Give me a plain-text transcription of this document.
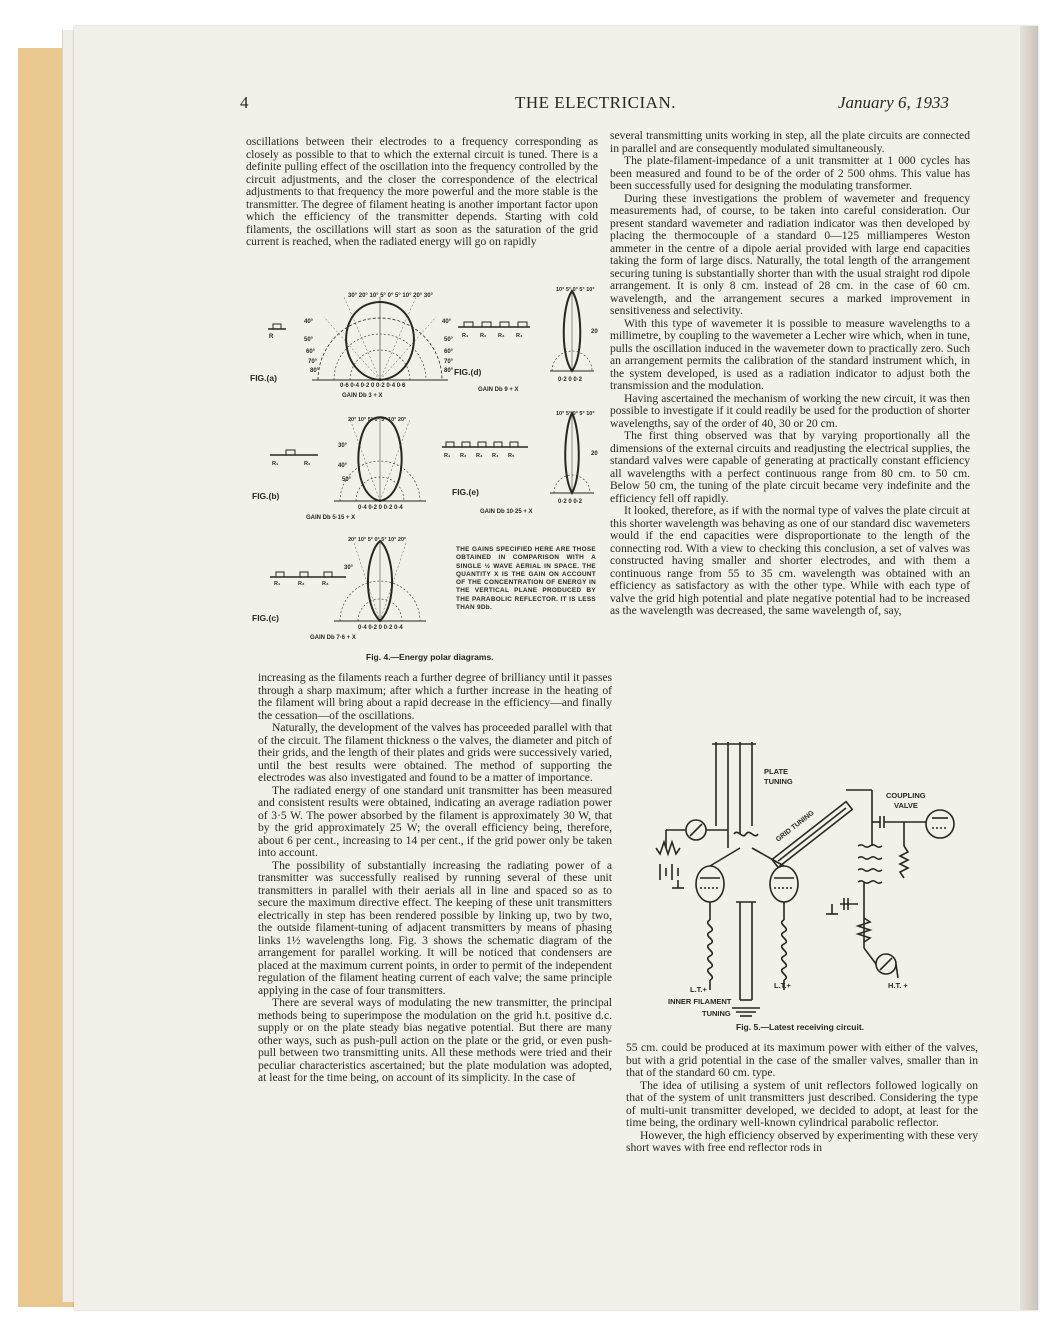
4	THE ELECTRICIAN.	January 6, 1933

oscillations between their electrodes to a frequency corresponding as closely as possible to that to which the external circuit is tuned. There is a definite pulling effect of the oscillation into the frequency controlled by the circuit adjustments, and the closer the correspondence of the electrical adjustments to that frequency the more powerful and the more stable is the transmitter. The degree of filament heating is another important factor upon which the efficiency of the transmitter depends. Starting with cold filaments, the oscillations will start as soon as the saturation of the grid current is reached, when the radiated energy will go on rapidly

30° 20° 10° 5° 0° 5° 10° 20° 30°
R
FIG.(a)
0·6 0·4 0·2 0 0·2 0·4 0·6
GAIN Db 3 + X
40°
50°
60°
70°
80°
40°
50°
60°
70°
80°
10° 5° 0° 5° 10°
20
R₁ R₂ R₃ R₄
FIG.(d)
0·2 0 0·2
GAIN Db 9 + X
20° 10° 5° 0° 5° 10° 20°
30°
40°
50°
R₁	R₂
FIG.(b)
0·4 0·2 0 0·2 0·4
GAIN Db 5·15 + X
10° 5° 0° 5° 10°
20
R₁ R₂ R₃ R₄ R₅
FIG.(e)
0·2 0 0·2
GAIN Db 10·25 + X
20° 10° 5° 0° 5° 10° 20°
30°
R₁	R₂	R₃
FIG.(c)
0·4 0·2 0 0·2 0·4
GAIN Db 7·6 + X
THE GAINS SPECIFIED HERE ARE THOSE OBTAINED IN COMPARISON WITH A SINGLE ½ WAVE AERIAL IN SPACE. THE QUANTITY X IS THE GAIN ON ACCOUNT OF THE CONCENTRATION OF ENERGY IN THE VERTICAL PLANE PRODUCED BY THE PARABOLIC REFLECTOR. IT IS LESS THAN 9Db.
Fig. 4.—Energy polar diagrams.

increasing as the filaments reach a further degree of brilliancy until it passes through a sharp maximum; after which a further increase in the heating of the filament will bring about a rapid decrease in the efficiency—and finally the cessation—of the oscillations.

Naturally, the development of the valves has proceeded parallel with that of the circuit. The filament thickness o the valves, the diameter and pitch of their grids, and the length of their plates and grids were successively varied, until the best results were obtained. The method of supporting the electrodes was also investigated and found to be a matter of importance.

The radiated energy of one standard unit transmitter has been measured and consistent results were obtained, indicating an average radiation power of 3·5 W. The power absorbed by the filament is approximately 30 W, that by the grid approximately 25 W; the overall efficiency being, therefore, about 6 per cent., increasing to 14 per cent., if the grid power only be taken into account.

The possibility of substantially increasing the radiating power of a transmitter was successfully realised by running several of these unit transmitters in parallel with their aerials all in line and spaced so as to secure the maximum directive effect. The keeping of these unit transmitters electrically in step has been rendered possible by linking up, two by two, the outside filament-tuning of adjacent transmitters by means of phasing links 1½ wavelengths long. Fig. 3 shows the schematic diagram of the arrangement for parallel working. It will be noticed that condensers are placed at the maximum current points, in order to permit of the independent regulation of the filament heating current of each valve; the same principle applying in the case of four transmitters.

There are several ways of modulating the new transmitter, the principal methods being to superimpose the modulation on the grid h.t. positive d.c. supply or on the plate steady bias negative potential. But there are many other ways, such as push-pull action on the plate or the grid, or even push-pull between two transmitting units. All these methods were tried and their peculiar characteristics ascertained; but the plate modulation was adopted, at least for the time being, on account of its simplicity. In the case of

several transmitting units working in step, all the plate circuits are connected in parallel and are consequently modulated simultaneously.

The plate-filament-impedance of a unit transmitter at 1 000 cycles has been measured and found to be of the order of 2 500 ohms. This value has been successfully used for designing the modulating transformer.

During these investigations the problem of wavemeter and frequency measurements had, of course, to be taken into careful consideration. Our present standard wavemeter and radiation indicator was then developed by placing the thermocouple of a standard 0—125 milliamperes Weston ammeter in the centre of a dipole aerial provided with large end capacities taking the form of large discs. Naturally, the total length of the arrangement securing tuning is substantially shorter than with the usual straight rod dipole arrangement. It is only 8 cm. instead of 28 cm. in the case of 60 cm. wavelength, and the arrangement secures a marked improvement in sensitiveness and selectivity.

With this type of wavemeter it is possible to measure wavelengths to a millimetre, by coupling to the wavemeter a Lecher wire which, when in tune, pulls the oscillation induced in the wavemeter down to practically zero. Such an arrangement permits the calibration of the standard instrument which, in the system developed, is used as a radiation indicator to adjust both the transmission and the modulation.

Having ascertained the mechanism of working the new circuit, it was then possible to investigate if it could readily be used for the production of shorter wavelengths, say of the order of 40, 30 or 20 cm.

The first thing observed was that by varying proportionally all the dimensions of the external circuits and readjusting the electrical supplies, the standard valves were capable of generating at practically constant efficiency all wavelengths with a perfect continuous range from 80 cm. to 50 cm. Below 50 cm, the tuning of the plate circuit became very indefinite and the efficiency fell off rapidly.

It looked, therefore, as if with the normal type of valves the plate circuit at this shorter wavelength was behaving as one of our standard disc wavemeters would if the end capacities were disproportionate to the length of the connecting rod. With a view to checking this conclusion, a set of valves was constructed having smaller and shorter electrodes, and with them a continuous range from 55 to 35 cm. wavelength was obtained with an efficiency as satisfactory as with the other type. While with each type of valve the grid high potential and plate negative potential had to be increased as the wavelength was decreased, the same wavelength of, say,

PLATE
TUNING
GRID TUNING
COUPLING
VALVE
L.T.+	L.T.+	H.T. +
INNER FILAMENT
TUNING
Fig. 5.—Latest receiving circuit.

55 cm. could be produced at its maximum power with either of the valves, but with a grid potential in the case of the smaller valves, smaller than in that of the standard 60 cm. type.

The idea of utilising a system of unit reflectors followed logically on that of the system of unit transmitters just described. Considering the type of multi-unit transmitter developed, we decided to adopt, at least for the time being, the ordinary well-known cylindrical parabolic reflector.

However, the high efficiency observed by experimenting with these very short waves with free end reflector rods in
